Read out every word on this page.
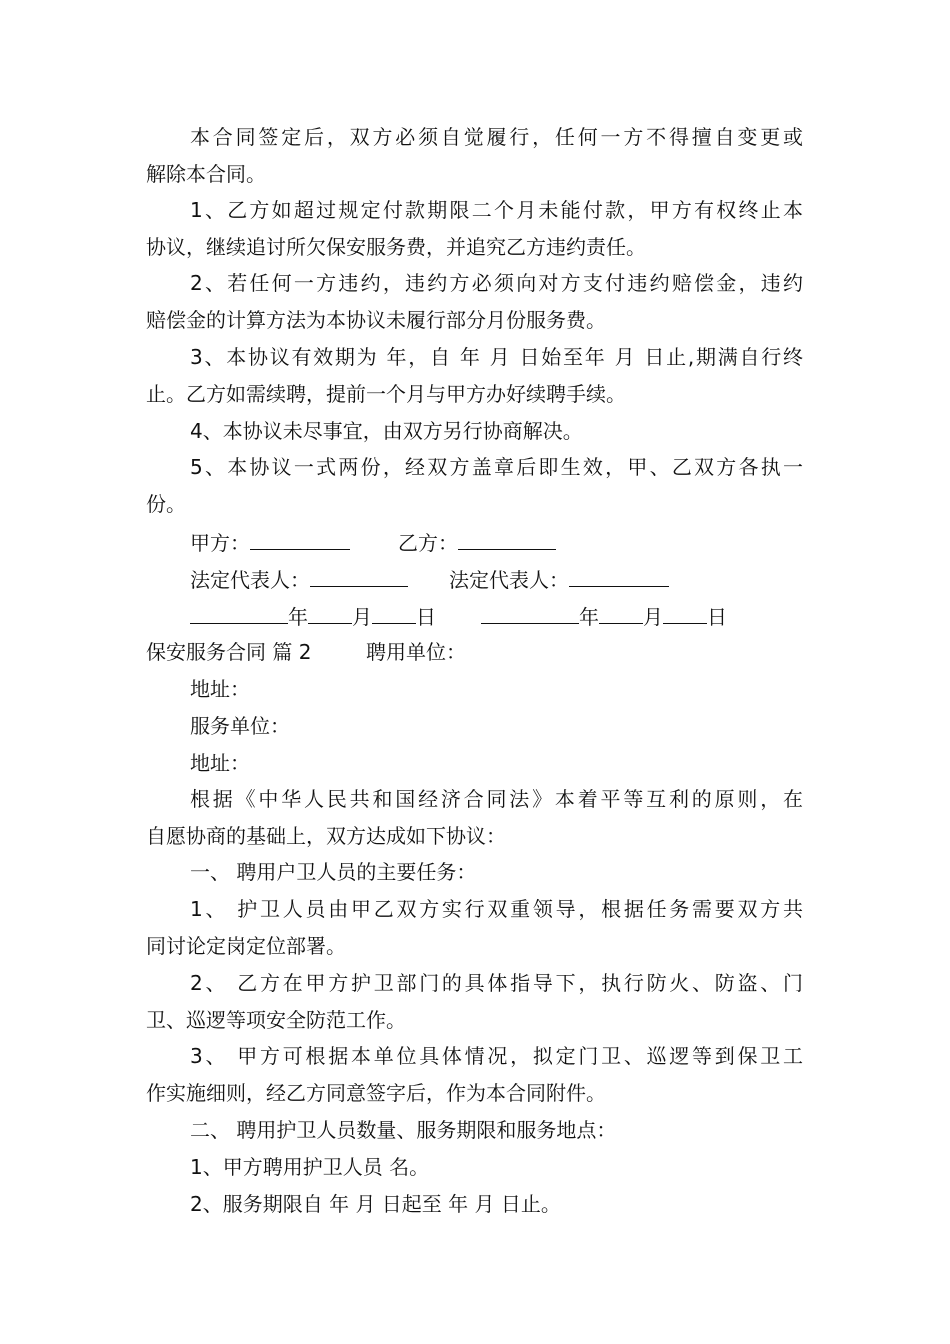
本合同签定后，双方必须自觉履行，任何一方不得擅自变更或
解除本合同。
1、乙方如超过规定付款期限二个月未能付款，甲方有权终止本
协议，继续追讨所欠保安服务费，并追究乙方违约责任。
2、若任何一方违约，违约方必须向对方支付违约赔偿金，违约
赔偿金的计算方法为本协议未履行部分月份服务费。
3、本协议有效期为 年，自 年 月 日始至年 月 日止,期满自行终
止。乙方如需续聘，提前一个月与甲方办好续聘手续。
4、本协议未尽事宜，由双方另行协商解决。
5、本协议一式两份，经双方盖章后即生效，甲、乙双方各执一
份。
甲方：	乙方：
法定代表人：	法定代表人：
年 月 日	年 月 日
保安服务合同 篇 2	聘用单位：
地址：
服务单位：
地址：
根据《中华人民共和国经济合同法》本着平等互利的原则，在
自愿协商的基础上，双方达成如下协议：
一、 聘用户卫人员的主要任务：
1、 护卫人员由甲乙双方实行双重领导，根据任务需要双方共
同讨论定岗定位部署。
2、 乙方在甲方护卫部门的具体指导下，执行防火、防盗、门
卫、巡逻等项安全防范工作。
3、 甲方可根据本单位具体情况，拟定门卫、巡逻等到保卫工
作实施细则，经乙方同意签字后，作为本合同附件。
二、 聘用护卫人员数量、服务期限和服务地点：
1、甲方聘用护卫人员 名。
2、服务期限自 年 月 日起至 年 月 日止。
